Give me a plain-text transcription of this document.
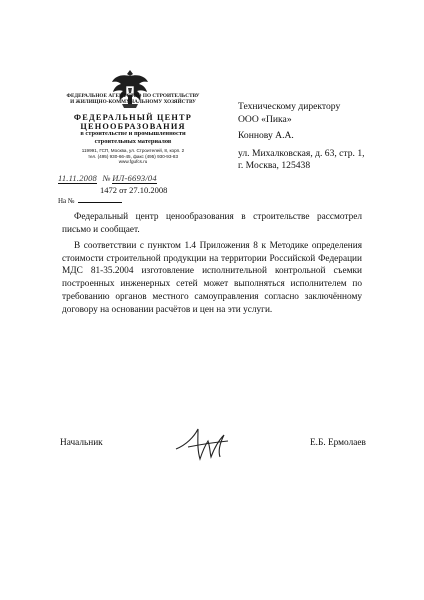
ФЕДЕРАЛЬНОЕ АГЕНТСТВО ПО СТРОИТЕЛЬСТВУ
И ЖИЛИЩНО-КОММУНАЛЬНОМУ ХОЗЯЙСТВУ
ФЕДЕРАЛЬНЫЙ ЦЕНТР
ЦЕНООБРАЗОВАНИЯ
в строительстве и промышленности
строительных материалов
119991, ГСП, Москва, ул. Строителей, 8, корп. 2
тел. (495) 930-66-45, факс (495) 930-93-83
www.fgufcs.ru
11.11.2008 № ИЛ-6693/04
1472 от 27.10.2008
На №
Техническому директору
ООО «Пика»
Коннову А.А.
ул. Михалковская, д. 63, стр. 1,
г. Москва, 125438
Федеральный центр ценообразования в строительстве рассмотрел письмо и сообщает.
В соответствии с пунктом 1.4 Приложения 8 к Методике определения стоимости строительной продукции на территории Российской Федерации МДС 81-35.2004 изготовление исполнительной контрольной съемки построенных инженерных сетей может выполняться исполнителем по требованию органов местного самоуправления согласно заключённому договору на основании расчётов и цен на эти услуги.
Начальник	Е.Б. Ермолаев
